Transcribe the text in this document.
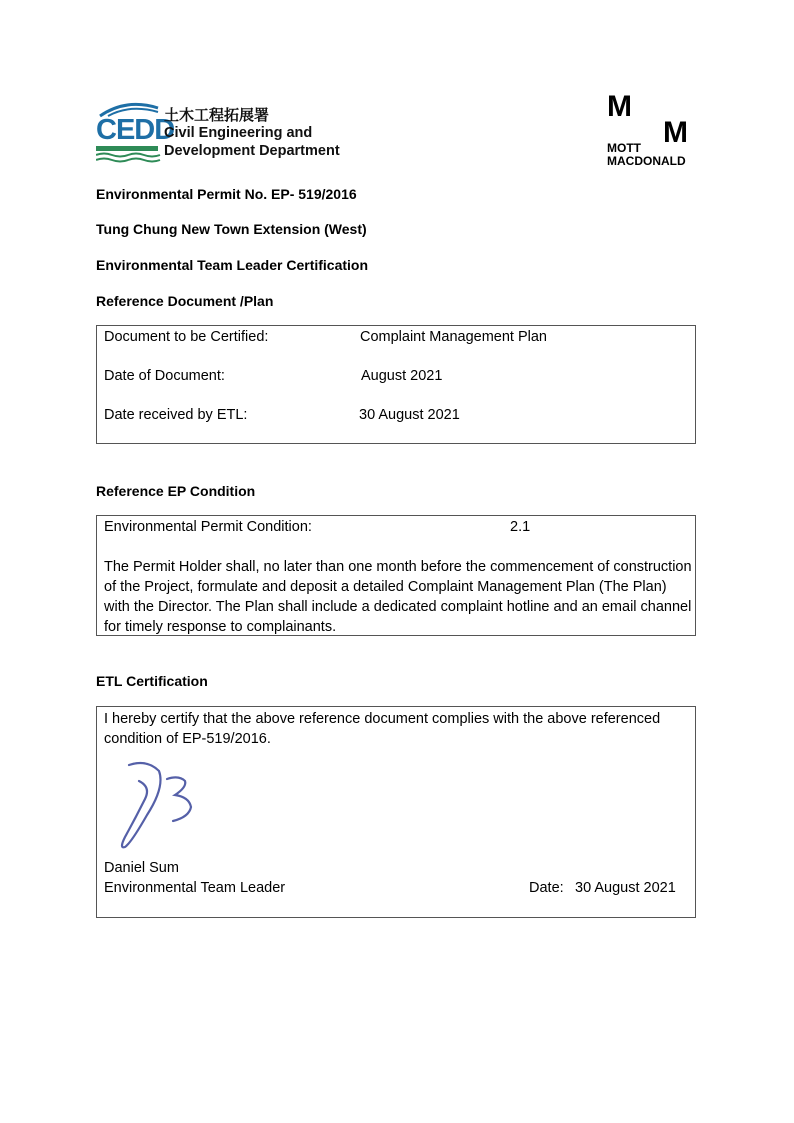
CEDD
土木工程拓展署
Civil Engineering and
Development Department
M
M
MOTT
MACDONALD
Environmental Permit No. EP- 519/2016
Tung Chung New Town Extension (West)
Environmental Team Leader Certification
Reference Document /Plan
Document to be Certified:	Complaint Management Plan
Date of Document:	August 2021
Date received by ETL:	30 August 2021
Reference EP Condition
Environmental Permit Condition:	2.1
The Permit Holder shall, no later than one month before the commencement of construction of the Project, formulate and deposit a detailed Complaint Management Plan (The Plan) with the Director. The Plan shall include a dedicated complaint hotline and an email channel for timely response to complainants.
ETL Certification
I hereby certify that the above reference document complies with the above referenced condition of EP-519/2016.
Daniel Sum
Environmental Team Leader	Date: 30 August 2021
